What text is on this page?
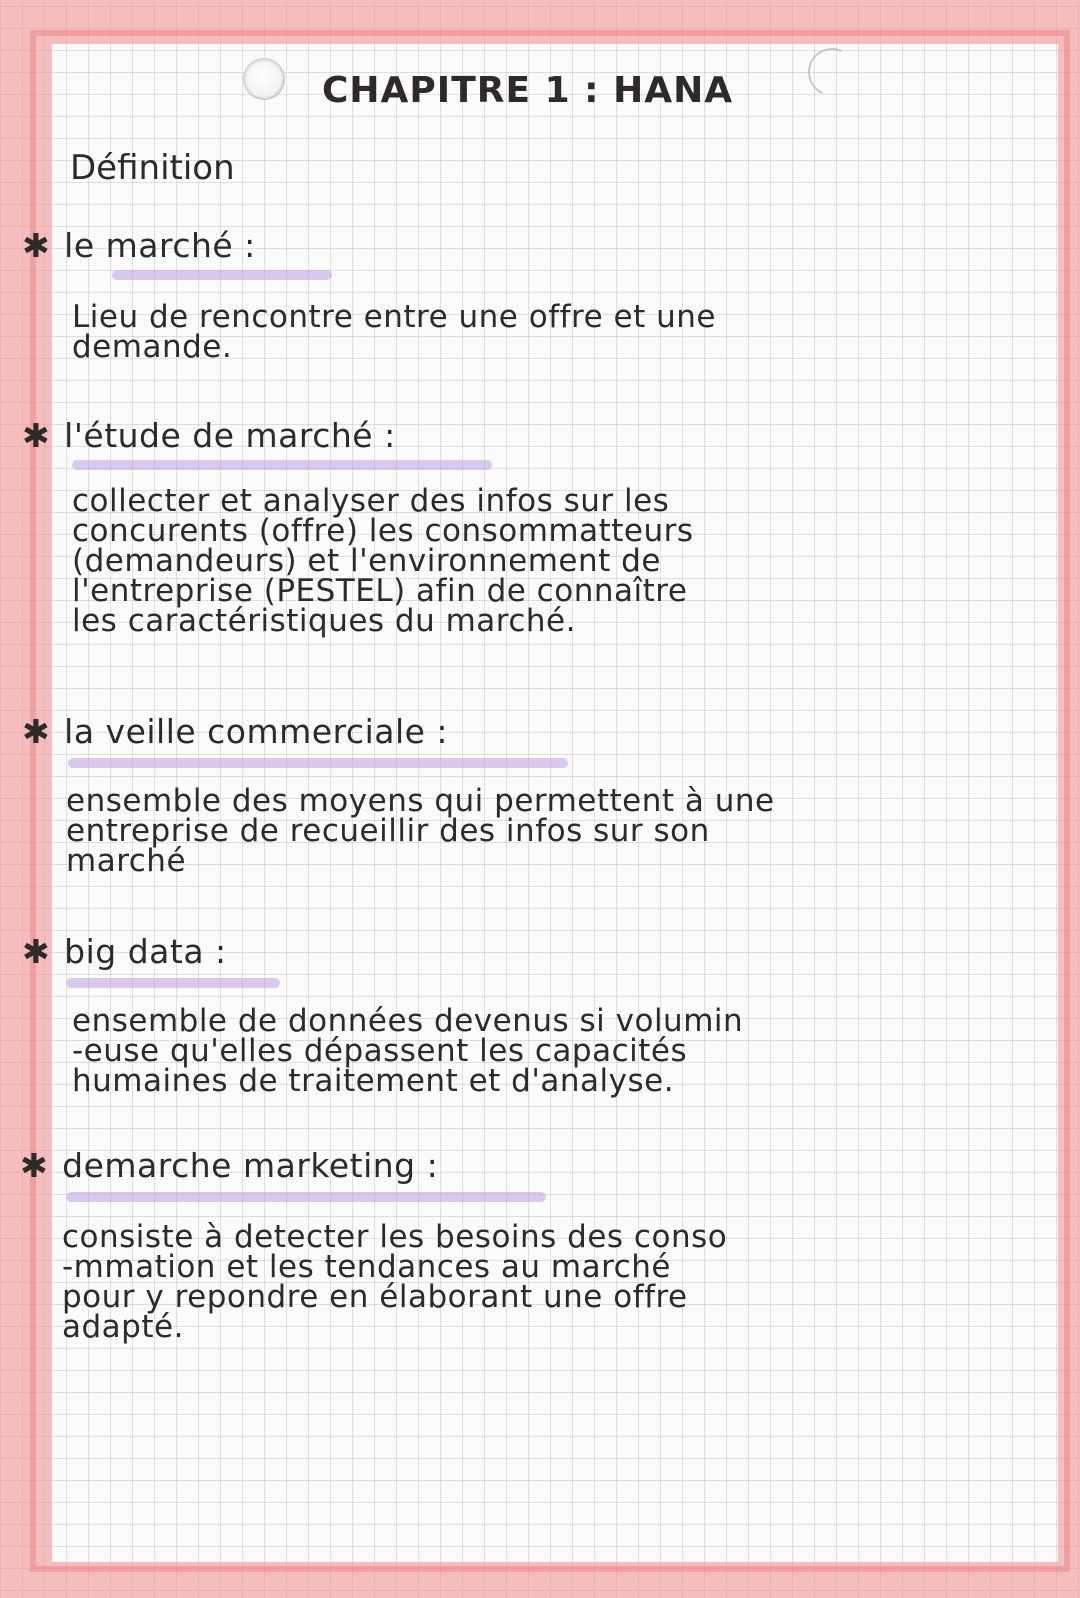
CHAPITRE 1 : HANA
Définition
✱ le marché :
Lieu de rencontre entre une offre et une
demande.
✱ l'étude de marché :
collecter et analyser des infos sur les
concurents (offre) les consommatteurs
(demandeurs) et l'environnement de
l'entreprise (PESTEL) afin de connaître
les caractéristiques du marché.
✱ la veille commerciale :
ensemble des moyens qui permettent à une
entreprise de recueillir des infos sur son
marché
✱ big data :
ensemble de données devenus si volumin
-euse qu'elles dépassent les capacités
humaines de traitement et d'analyse.
✱ demarche marketing :
consiste à detecter les besoins des conso
-mmation et les tendances au marché
pour y repondre en élaborant une offre
adapté.
